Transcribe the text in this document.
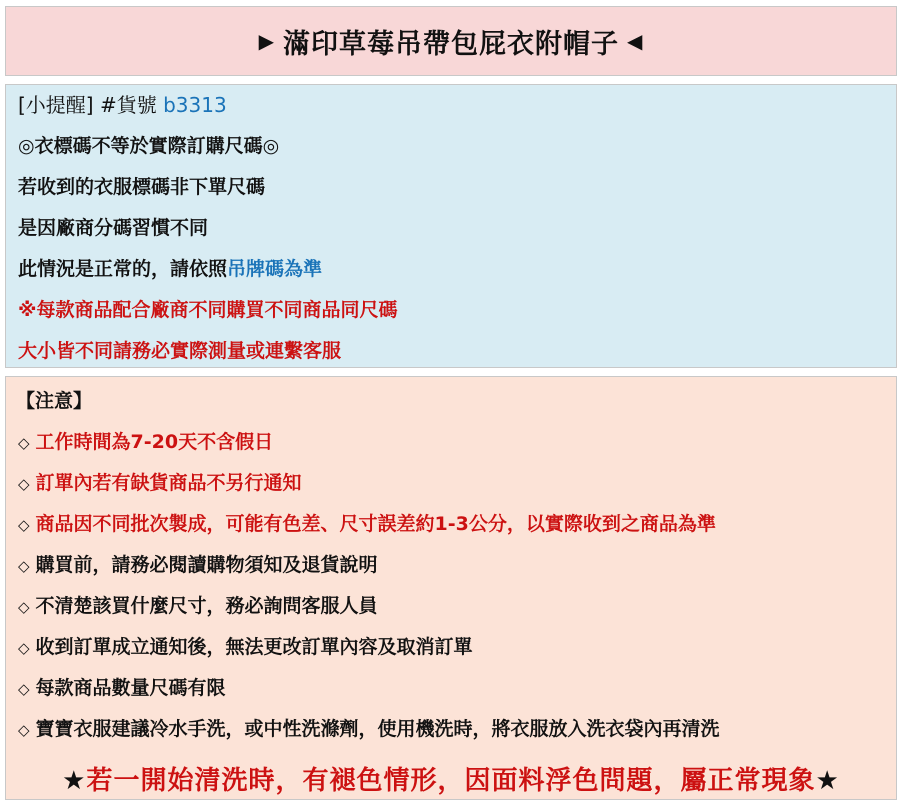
▶ 滿印草莓吊帶包屁衣附帽子 ◀
[小提醒] #貨號 b3313
◎衣標碼不等於實際訂購尺碼◎
若收到的衣服標碼非下單尺碼
是因廠商分碼習慣不同
此情況是正常的，請依照吊牌碼為準
※每款商品配合廠商不同購買不同商品同尺碼
大小皆不同請務必實際測量或連繫客服
【注意】
◇ 工作時間為7-20天不含假日
◇ 訂單內若有缺貨商品不另行通知
◇ 商品因不同批次製成，可能有色差、尺寸誤差約1-3公分，以實際收到之商品為準
◇ 購買前，請務必閱讀購物須知及退貨說明
◇ 不清楚該買什麼尺寸，務必詢問客服人員
◇ 收到訂單成立通知後，無法更改訂單內容及取消訂單
◇ 每款商品數量尺碼有限
◇ 寶寶衣服建議冷水手洗，或中性洗滌劑，使用機洗時，將衣服放入洗衣袋內再清洗
★若一開始清洗時，有褪色情形，因面料浮色問題，屬正常現象★
